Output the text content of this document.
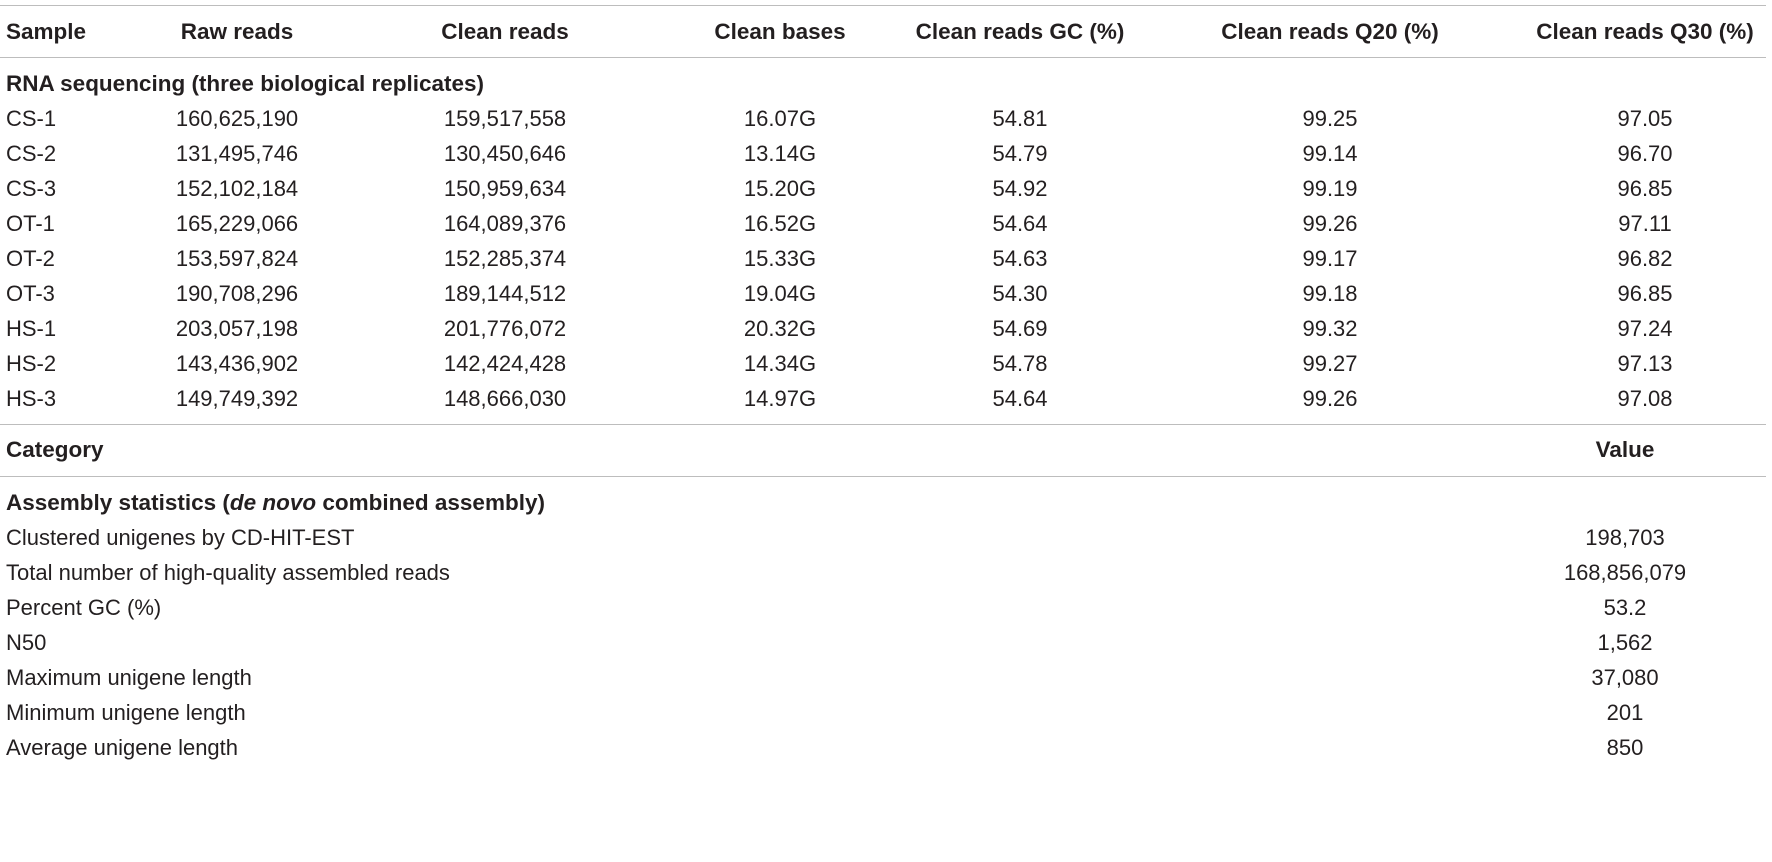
Sample	Raw reads	Clean reads	Clean bases	Clean reads GC (%)	Clean reads Q20 (%)	Clean reads Q30 (%)
RNA sequencing (three biological replicates)
CS-1	160,625,190	159,517,558	16.07G	54.81	99.25	97.05
CS-2	131,495,746	130,450,646	13.14G	54.79	99.14	96.70
CS-3	152,102,184	150,959,634	15.20G	54.92	99.19	96.85
OT-1	165,229,066	164,089,376	16.52G	54.64	99.26	97.11
OT-2	153,597,824	152,285,374	15.33G	54.63	99.17	96.82
OT-3	190,708,296	189,144,512	19.04G	54.30	99.18	96.85
HS-1	203,057,198	201,776,072	20.32G	54.69	99.32	97.24
HS-2	143,436,902	142,424,428	14.34G	54.78	99.27	97.13
HS-3	149,749,392	148,666,030	14.97G	54.64	99.26	97.08
Category	Value
Assembly statistics (de novo combined assembly)
Clustered unigenes by CD-HIT-EST	198,703
Total number of high-quality assembled reads	168,856,079
Percent GC (%)	53.2
N50	1,562
Maximum unigene length	37,080
Minimum unigene length	201
Average unigene length	850
